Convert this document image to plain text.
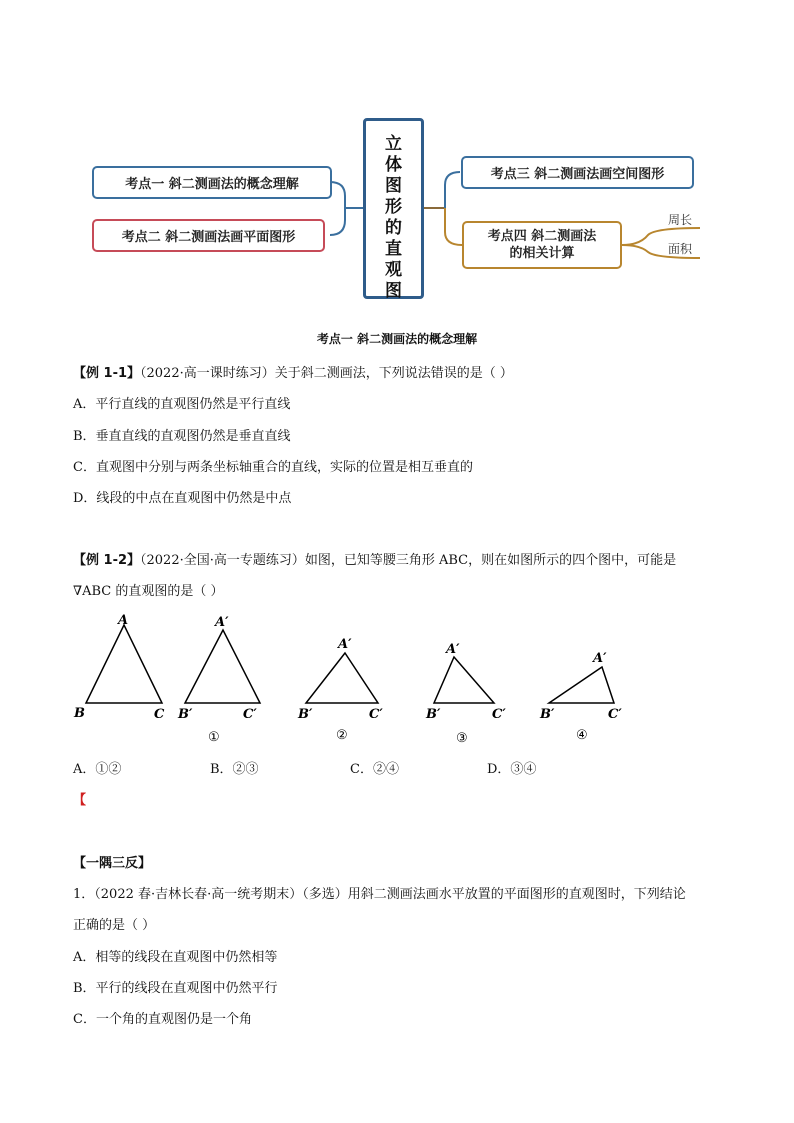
考点一 斜二测画法的概念理解
考点二 斜二测画法画平面图形
立
体
图
形
的
直
观
图
考点三 斜二测画法画空间图形
考点四 斜二测画法
的相关计算
周长
面积
考点一 斜二测画法的概念理解
【例 1-1】（2022·高一课时练习）关于斜二测画法，下列说法错误的是（ ）
A．平行直线的直观图仍然是平行直线
B．垂直直线的直观图仍然是垂直直线
C．直观图中分别与两条坐标轴重合的直线，实际的位置是相互垂直的
D．线段的中点在直观图中仍然是中点
【例 1-2】（2022·全国·高一专题练习）如图，已知等腰三角形 ABC，则在如图所示的四个图中，可能是
∇ABC 的直观图的是（ ）
A
B	C
A′
B′	C′
①
A′
B′	C′
②
A′
B′	C′
③
A′
B′	C′
④
A．①②	B．②③	C．②④	D．③④
【
【一隅三反】
1．（2022 春·吉林长春·高一统考期末）（多选）用斜二测画法画水平放置的平面图形的直观图时，下列结论
正确的是（ ）
A．相等的线段在直观图中仍然相等
B．平行的线段在直观图中仍然平行
C．一个角的直观图仍是一个角
